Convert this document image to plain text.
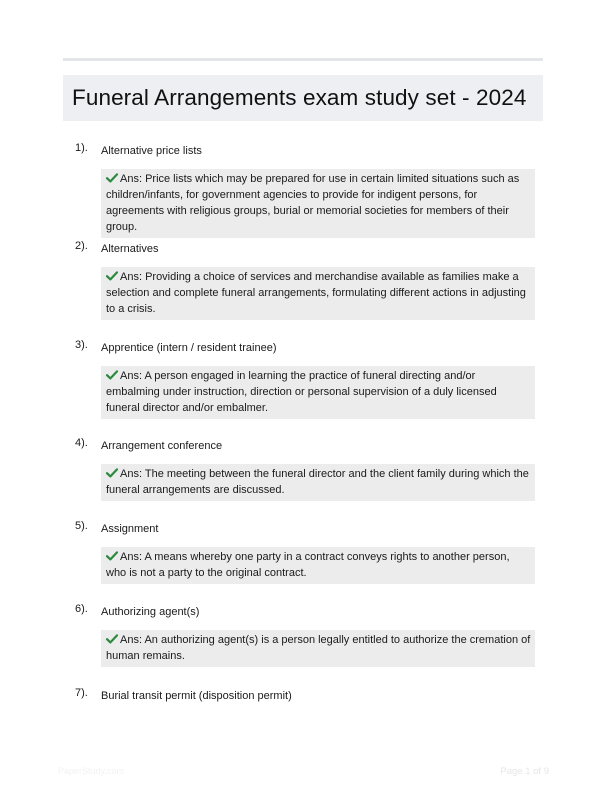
Funeral Arrangements exam study set - 2024
1). Alternative price lists
Ans: Price lists which may be prepared for use in certain limited situations such as children/infants, for government agencies to provide for indigent persons, for agreements with religious groups, burial or memorial societies for members of their group.
2). Alternatives
Ans: Providing a choice of services and merchandise available as families make a selection and complete funeral arrangements, formulating different actions in adjusting to a crisis.
3). Apprentice (intern / resident trainee)
Ans: A person engaged in learning the practice of funeral directing and/or embalming under instruction, direction or personal supervision of a duly licensed funeral director and/or embalmer.
4). Arrangement conference
Ans: The meeting between the funeral director and the client family during which the funeral arrangements are discussed.
5). Assignment
Ans: A means whereby one party in a contract conveys rights to another person, who is not a party to the original contract.
6). Authorizing agent(s)
Ans: An authorizing agent(s) is a person legally entitled to authorize the cremation of human remains.
7). Burial transit permit (disposition permit)
PaperStudy.com	Page 1 of 9
